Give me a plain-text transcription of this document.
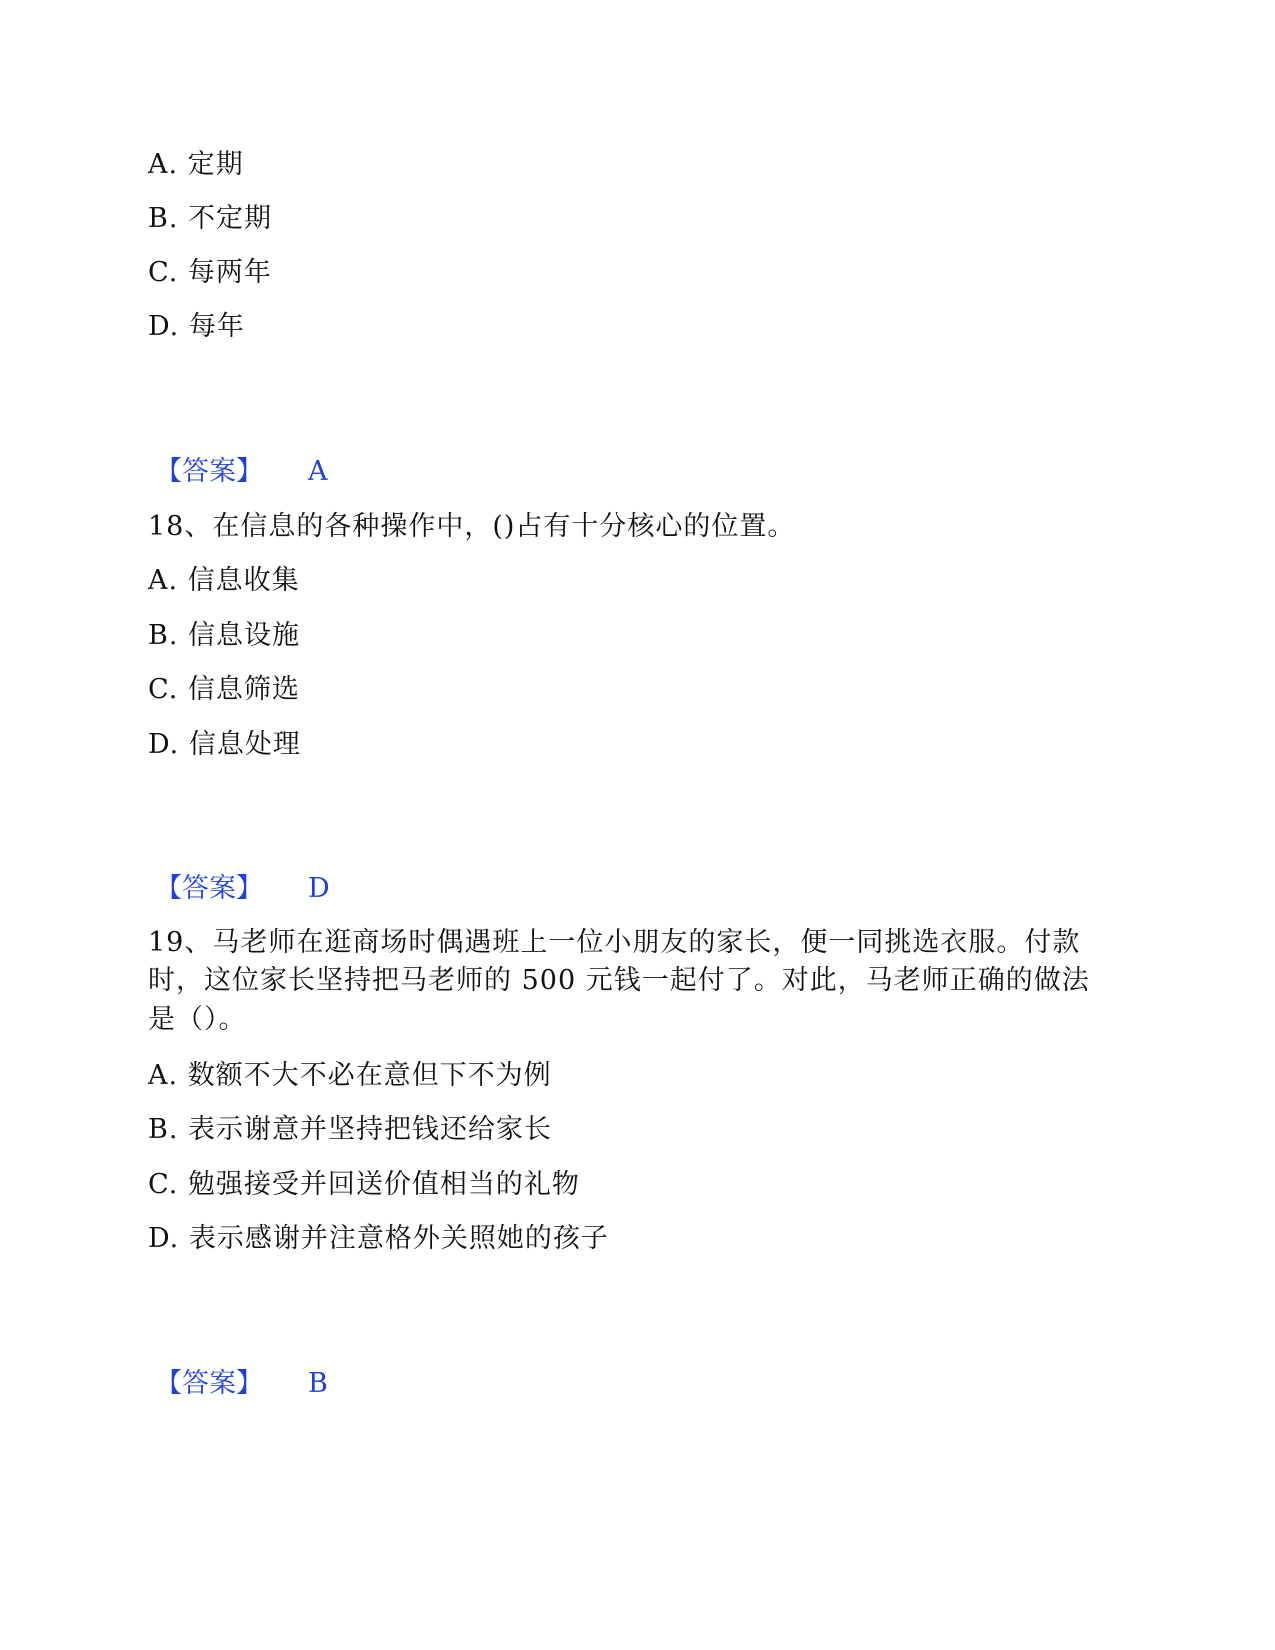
A. 定期
B. 不定期
C. 每两年
D. 每年
【答案】 A
18、在信息的各种操作中，()占有十分核心的位置。
A. 信息收集
B. 信息设施
C. 信息筛选
D. 信息处理
【答案】 D
19、马老师在逛商场时偶遇班上一位小朋友的家长，便一同挑选衣服。付款
时，这位家长坚持把马老师的 500 元钱一起付了。对此，马老师正确的做法
是（）。
A. 数额不大不必在意但下不为例
B. 表示谢意并坚持把钱还给家长
C. 勉强接受并回送价值相当的礼物
D. 表示感谢并注意格外关照她的孩子
【答案】 B
